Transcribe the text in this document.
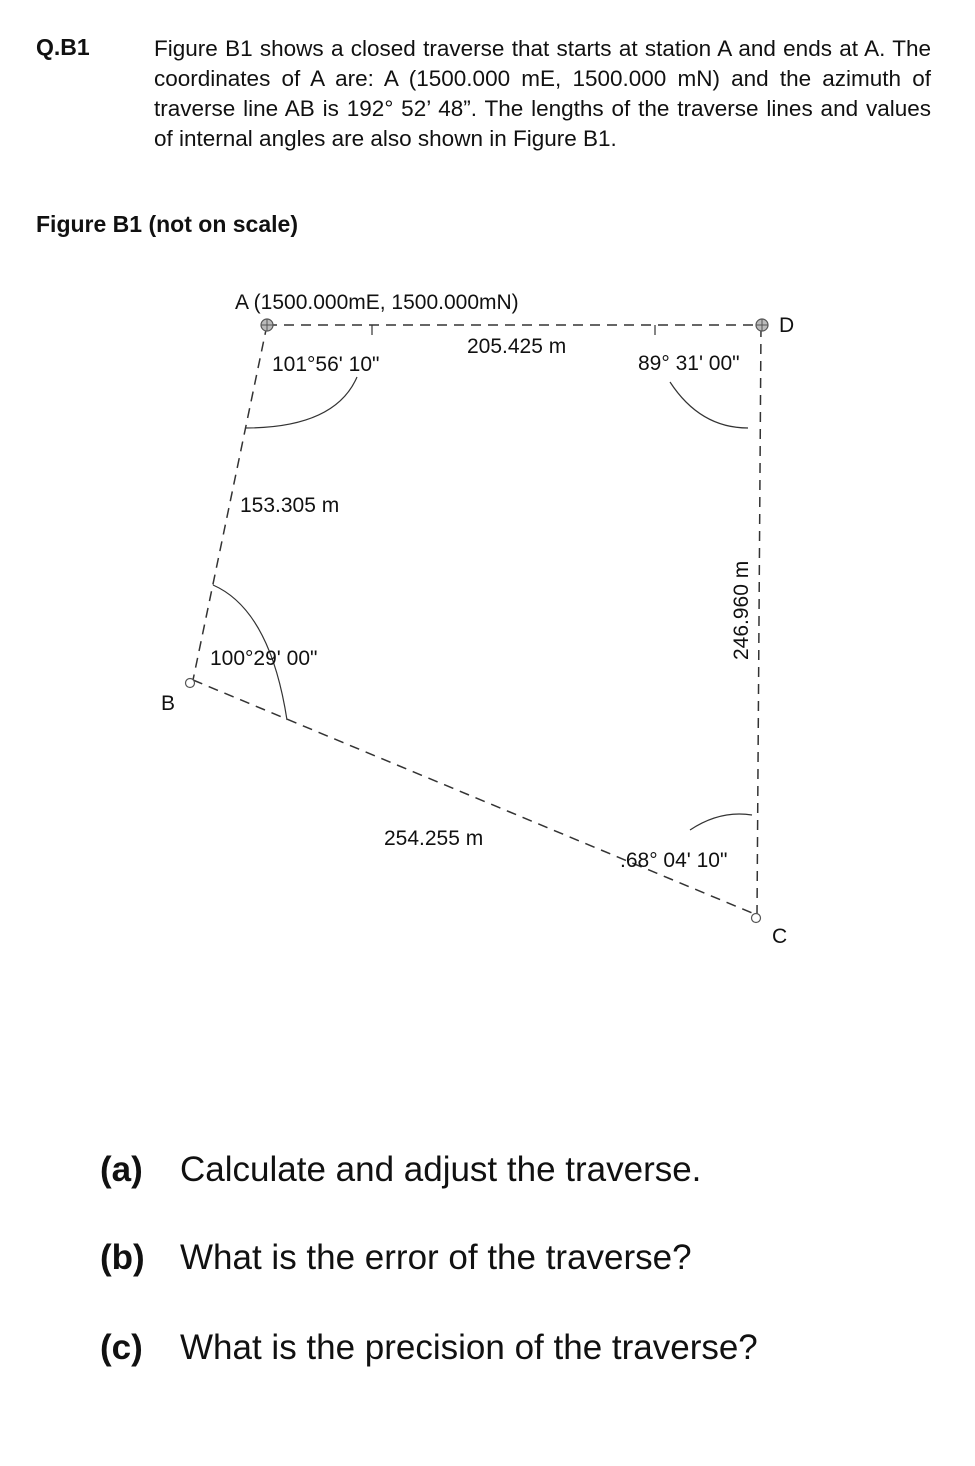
Q.B1	Figure B1 shows a closed traverse that starts at station A and ends at A. The coordinates of A are: A (1500.000 mE, 1500.000 mN) and the azimuth of traverse line AB is 192° 52’ 48”. The lengths of the traverse lines and values of internal angles are also shown in Figure B1.
Figure B1 (not on scale)
A (1500.000mE, 1500.000mN)
D
B
C
205.425 m
101°56' 10"	89° 31' 00"
153.305 m
100°29' 00"
254.255 m
.68° 04' 10"
246.960 m
(a) Calculate and adjust the traverse.
(b) What is the error of the traverse?
(c) What is the precision of the traverse?
